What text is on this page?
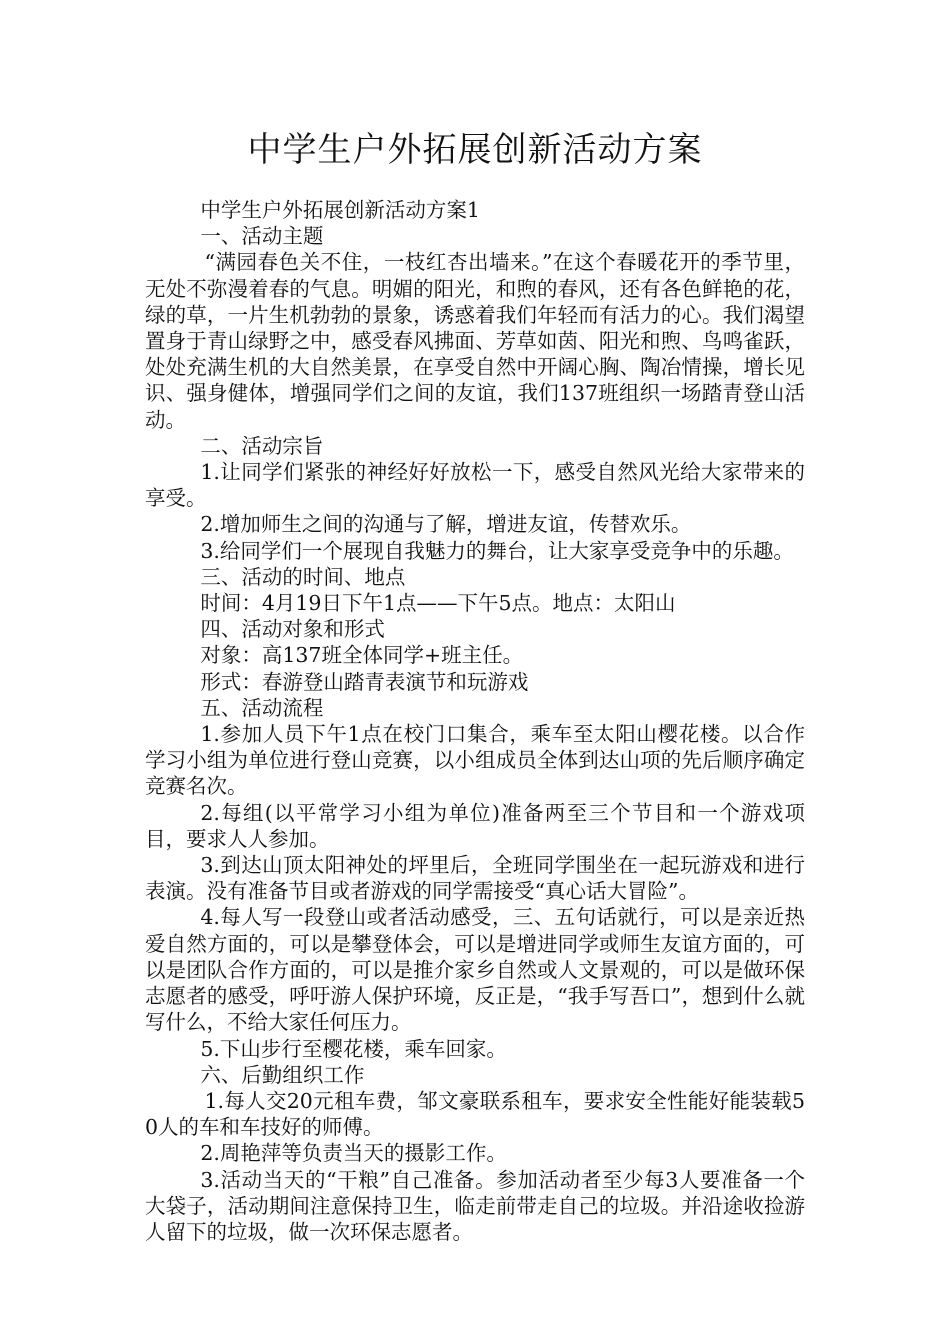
中学生户外拓展创新活动方案

中学生户外拓展创新活动方案1

一、活动主题

“满园春色关不住，一枝红杏出墙来。”在这个春暖花开的季节里，无处不弥漫着春的气息。明媚的阳光，和煦的春风，还有各色鲜艳的花，绿的草，一片生机勃勃的景象，诱惑着我们年轻而有活力的心。我们渴望置身于青山绿野之中，感受春风拂面、芳草如茵、阳光和煦、鸟鸣雀跃，处处充满生机的大自然美景，在享受自然中开阔心胸、陶冶情操，增长见识、强身健体，增强同学们之间的友谊，我们137班组织一场踏青登山活动。

二、活动宗旨

1.让同学们紧张的神经好好放松一下，感受自然风光给大家带来的享受。

2.增加师生之间的沟通与了解，增进友谊，传替欢乐。

3.给同学们一个展现自我魅力的舞台，让大家享受竞争中的乐趣。

三、活动的时间、地点

时间：4月19日下午1点——下午5点。地点：太阳山

四、活动对象和形式

对象：高137班全体同学+班主任。

形式：春游登山踏青表演节和玩游戏

五、活动流程

1.参加人员下午1点在校门口集合，乘车至太阳山樱花楼。以合作学习小组为单位进行登山竞赛，以小组成员全体到达山项的先后顺序确定竞赛名次。

2.每组(以平常学习小组为单位)准备两至三个节目和一个游戏项目，要求人人参加。

3.到达山顶太阳神处的坪里后，全班同学围坐在一起玩游戏和进行表演。没有准备节目或者游戏的同学需接受“真心话大冒险”。

4.每人写一段登山或者活动感受，三、五句话就行，可以是亲近热爱自然方面的，可以是攀登体会，可以是增进同学或师生友谊方面的，可以是团队合作方面的，可以是推介家乡自然或人文景观的，可以是做环保志愿者的感受，呼吁游人保护环境，反正是，“我手写吾口”，想到什么就写什么，不给大家任何压力。

5.下山步行至樱花楼，乘车回家。

六、后勤组织工作

1.每人交20元租车费，邹文豪联系租车，要求安全性能好能装载50人的车和车技好的师傅。

2.周艳萍等负责当天的摄影工作。

3.活动当天的“干粮”自己准备。参加活动者至少每3人要准备一个大袋子，活动期间注意保持卫生，临走前带走自己的垃圾。并沿途收捡游人留下的垃圾，做一次环保志愿者。
